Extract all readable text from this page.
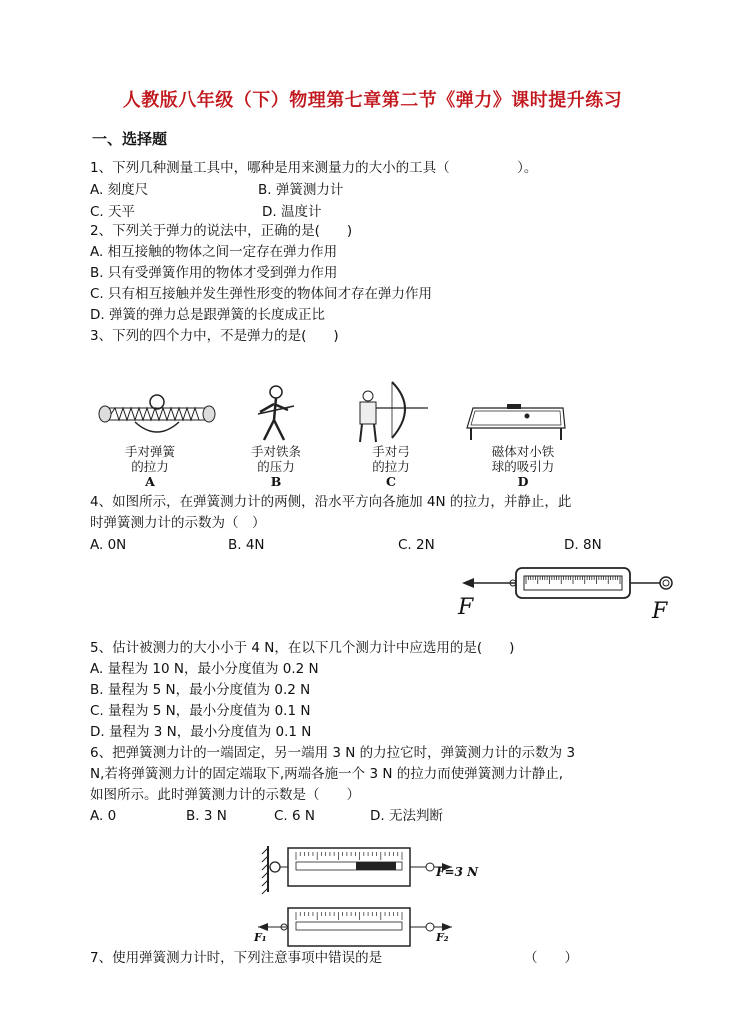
人教版八年级（下）物理第七章第二节《弹力》课时提升练习
一、选择题
1、下列几种测量工具中，哪种是用来测量力的大小的工具（　　　　　）。
A. 刻度尺	B. 弹簧测力计
C. 天平	D. 温度计
2、下列关于弹力的说法中，正确的是(　　)
A. 相互接触的物体之间一定存在弹力作用
B. 只有受弹簧作用的物体才受到弹力作用
C. 只有相互接触并发生弹性形变的物体间才存在弹力作用
D. 弹簧的弹力总是跟弹簧的长度成正比
3、下列的四个力中，不是弹力的是(　　)
手对弹簧
的拉力
A
手对铁条
的压力
B
手对弓
的拉力
C
磁体对小铁
球的吸引力
D
4、如图所示，在弹簧测力计的两侧，沿水平方向各施加 4N 的拉力，并静止，此
时弹簧测力计的示数为（　）
A. 0N	B. 4N	C. 2N	D. 8N
F	F
5、估计被测力的大小小于 4 N，在以下几个测力计中应选用的是(　　)
A. 量程为 10 N，最小分度值为 0.2 N
B. 量程为 5 N，最小分度值为 0.2 N
C. 量程为 5 N，最小分度值为 0.1 N
D. 量程为 3 N，最小分度值为 0.1 N
6、把弹簧测力计的一端固定，另一端用 3 N 的力拉它时，弹簧测力计的示数为 3
N,若将弹簧测力计的固定端取下,两端各施一个 3 N 的拉力而使弹簧测力计静止,
如图所示。此时弹簧测力计的示数是（　　）
A. 0	B. 3 N	C. 6 N	D. 无法判断
F=3 N
F₁	F₂
7、使用弹簧测力计时，下列注意事项中错误的是	（　　）
